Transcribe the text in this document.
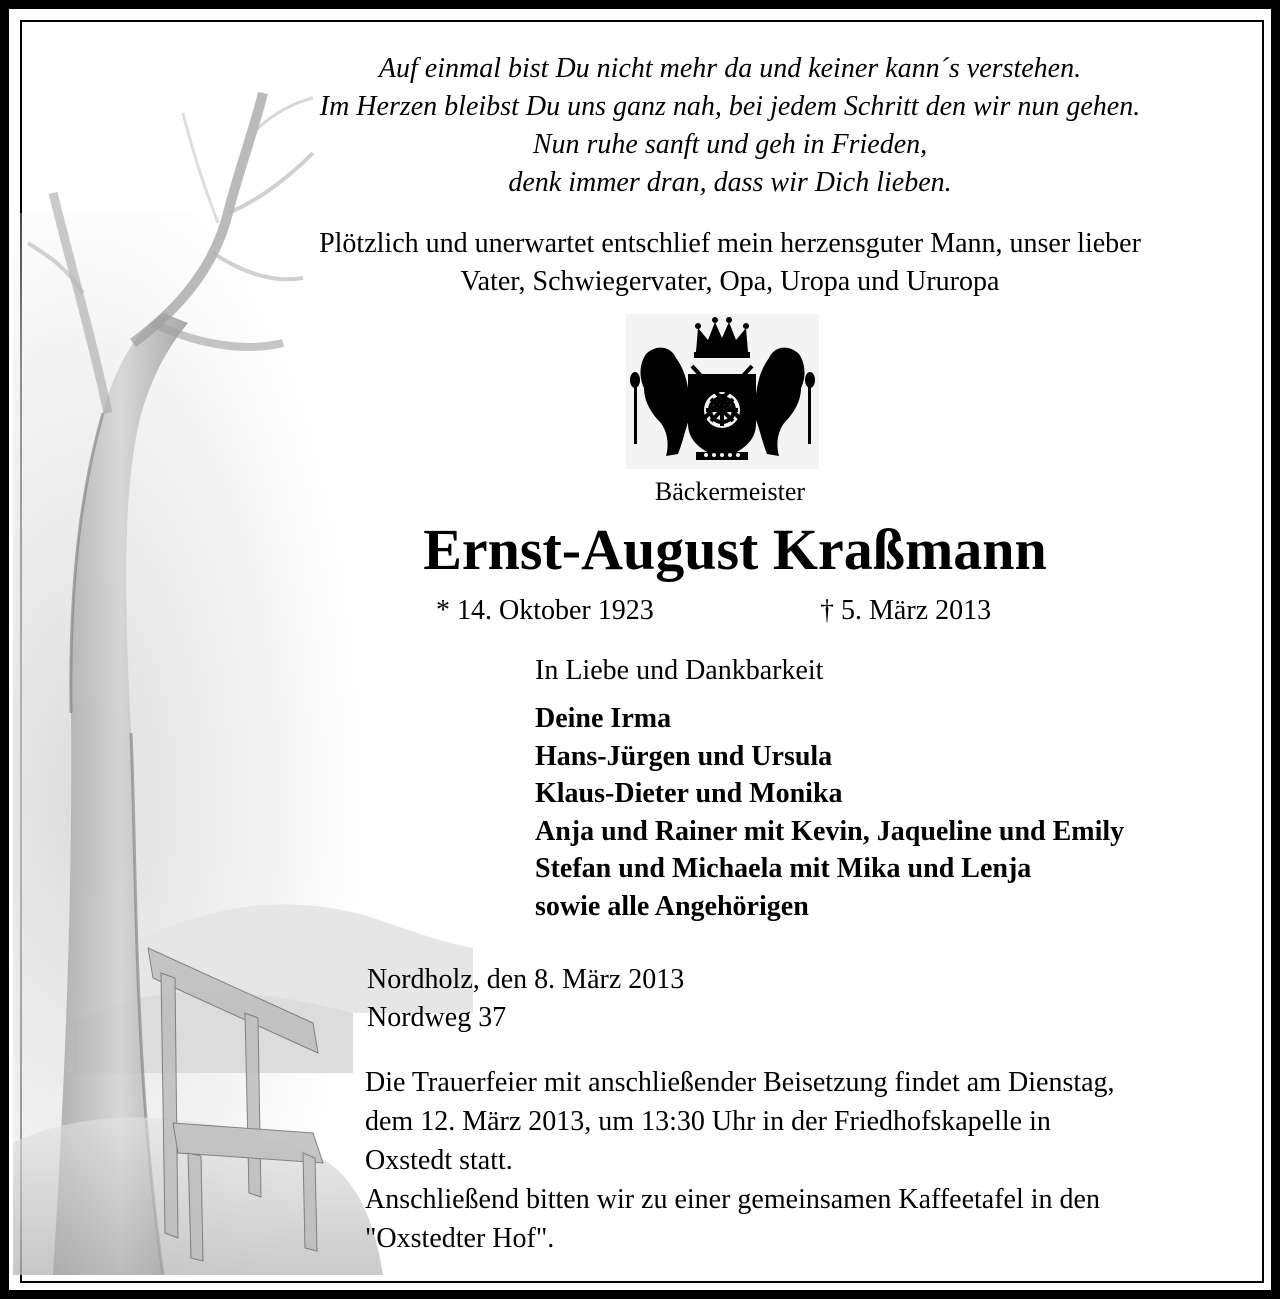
Auf einmal bist Du nicht mehr da und keiner kann´s verstehen.
Im Herzen bleibst Du uns ganz nah, bei jedem Schritt den wir nun gehen.
Nun ruhe sanft und geh in Frieden,
denk immer dran, dass wir Dich lieben.
Plötzlich und unerwartet entschlief mein herzensguter Mann, unser lieber
Vater, Schwiegervater, Opa, Uropa und Ururopa
Bäckermeister
Ernst-August Kraßmann
* 14. Oktober 1923	† 5. März 2013
In Liebe und Dankbarkeit
Deine Irma
Hans-Jürgen und Ursula
Klaus-Dieter und Monika
Anja und Rainer mit Kevin, Jaqueline und Emily
Stefan und Michaela mit Mika und Lenja
sowie alle Angehörigen
Nordholz, den 8. März 2013
Nordweg 37
Die Trauerfeier mit anschließender Beisetzung findet am Dienstag,
dem 12. März 2013, um 13:30 Uhr in der Friedhofskapelle in
Oxstedt statt.
Anschließend bitten wir zu einer gemeinsamen Kaffeetafel in den
"Oxstedter Hof".
